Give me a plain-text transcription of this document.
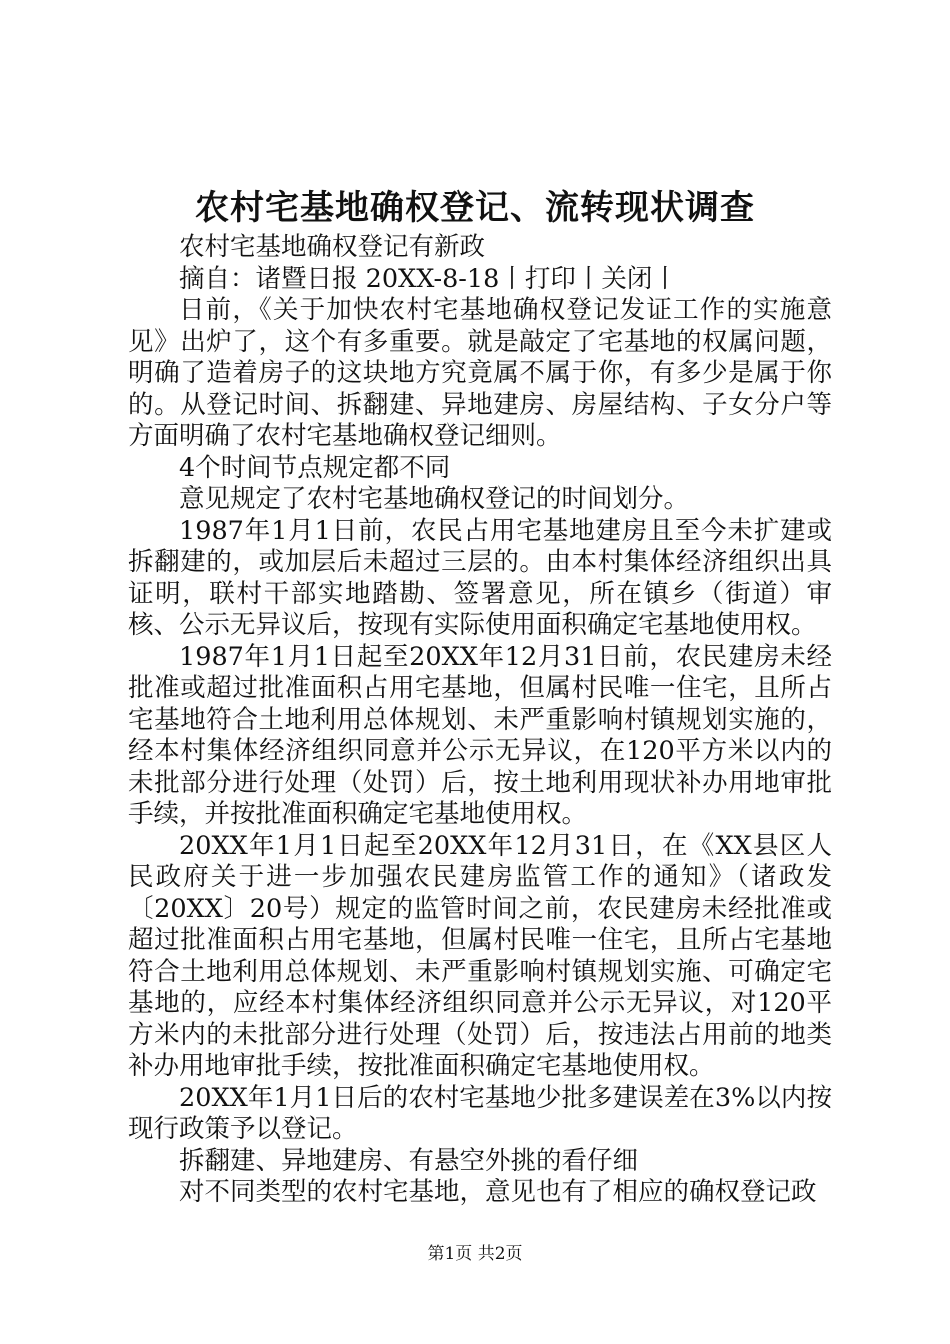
农村宅基地确权登记、流转现状调查

农村宅基地确权登记有新政

摘自：诸暨日报 20XX-8-18丨打印丨关闭丨

日前，《关于加快农村宅基地确权登记发证工作的实施意见》出炉了，这个有多重要。就是敲定了宅基地的权属问题，明确了造着房子的这块地方究竟属不属于你，有多少是属于你的。从登记时间、拆翻建、异地建房、房屋结构、子女分户等方面明确了农村宅基地确权登记细则。

4个时间节点规定都不同

意见规定了农村宅基地确权登记的时间划分。

1987年1月1日前，农民占用宅基地建房且至今未扩建或拆翻建的，或加层后未超过三层的。由本村集体经济组织出具证明，联村干部实地踏勘、签署意见，所在镇乡（街道）审核、公示无异议后，按现有实际使用面积确定宅基地使用权。

1987年1月1日起至20XX年12月31日前，农民建房未经批准或超过批准面积占用宅基地，但属村民唯一住宅，且所占宅基地符合土地利用总体规划、未严重影响村镇规划实施的，经本村集体经济组织同意并公示无异议，在120平方米以内的未批部分进行处理（处罚）后，按土地利用现状补办用地审批手续，并按批准面积确定宅基地使用权。

20XX年1月1日起至20XX年12月31日，在《XX县区人民政府关于进一步加强农民建房监管工作的通知》（诸政发〔20XX〕20号）规定的监管时间之前，农民建房未经批准或超过批准面积占用宅基地，但属村民唯一住宅，且所占宅基地符合土地利用总体规划、未严重影响村镇规划实施、可确定宅基地的，应经本村集体经济组织同意并公示无异议，对120平方米内的未批部分进行处理（处罚）后，按违法占用前的地类补办用地审批手续，按批准面积确定宅基地使用权。

20XX年1月1日后的农村宅基地少批多建误差在3%以内按现行政策予以登记。

拆翻建、异地建房、有悬空外挑的看仔细

对不同类型的农村宅基地，意见也有了相应的确权登记政

第1页 共2页
